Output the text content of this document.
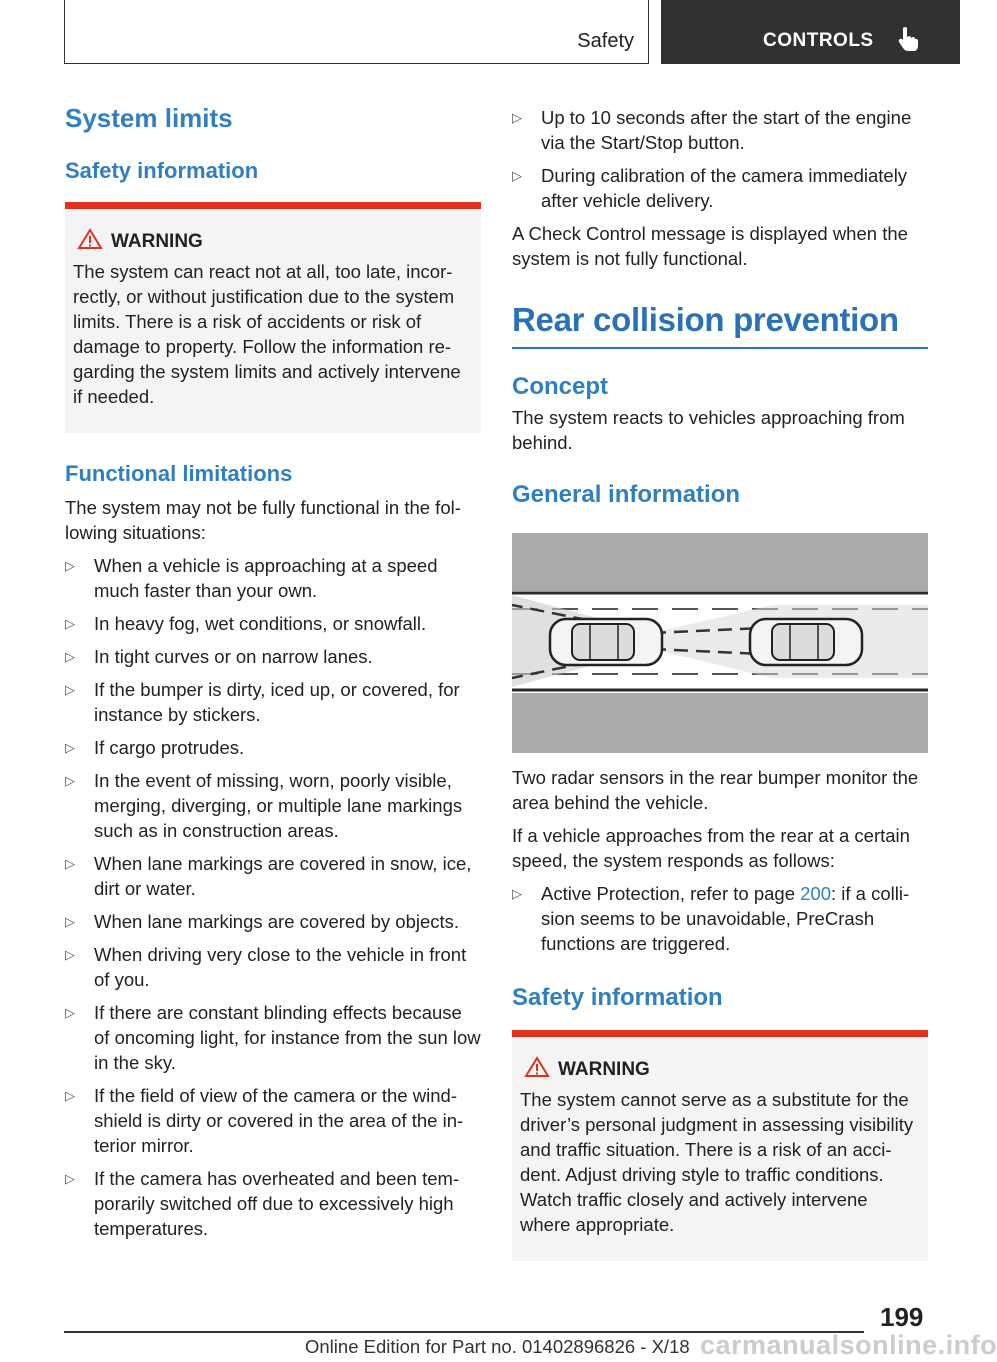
Safety	CONTROLS
System limits
Safety information
WARNING

The system can react not at all, too late, incorrectly, or without justification due to the system limits. There is a risk of accidents or risk of damage to property. Follow the information regarding the system limits and actively intervene if needed.

Functional limitations

The system may not be fully functional in the following situations:

▷ When a vehicle is approaching at a speed much faster than your own.
▷ In heavy fog, wet conditions, or snowfall.
▷ In tight curves or on narrow lanes.
▷ If the bumper is dirty, iced up, or covered, for instance by stickers.
▷ If cargo protrudes.
▷ In the event of missing, worn, poorly visible, merging, diverging, or multiple lane markings such as in construction areas.
▷ When lane markings are covered in snow, ice, dirt or water.
▷ When lane markings are covered by objects.
▷ When driving very close to the vehicle in front of you.
▷ If there are constant blinding effects because of oncoming light, for instance from the sun low in the sky.
▷ If the field of view of the camera or the windshield is dirty or covered in the area of the interior mirror.
▷ If the camera has overheated and been temporarily switched off due to excessively high temperatures.
▷ Up to 10 seconds after the start of the engine via the Start/Stop button.
▷ During calibration of the camera immediately after vehicle delivery.

A Check Control message is displayed when the system is not fully functional.

Rear collision prevention
Concept

The system reacts to vehicles approaching from behind.

General information

Two radar sensors in the rear bumper monitor the area behind the vehicle.

If a vehicle approaches from the rear at a certain speed, the system responds as follows:

▷ Active Protection, refer to page 200: if a collision seems to be unavoidable, PreCrash functions are triggered.
Safety information
WARNING

The system cannot serve as a substitute for the driver’s personal judgment in assessing visibility and traffic situation. There is a risk of an accident. Adjust driving style to traffic conditions. Watch traffic closely and actively intervene where appropriate.

199
carmanualsonline.info
Online Edition for Part no. 01402896826 - X/18
